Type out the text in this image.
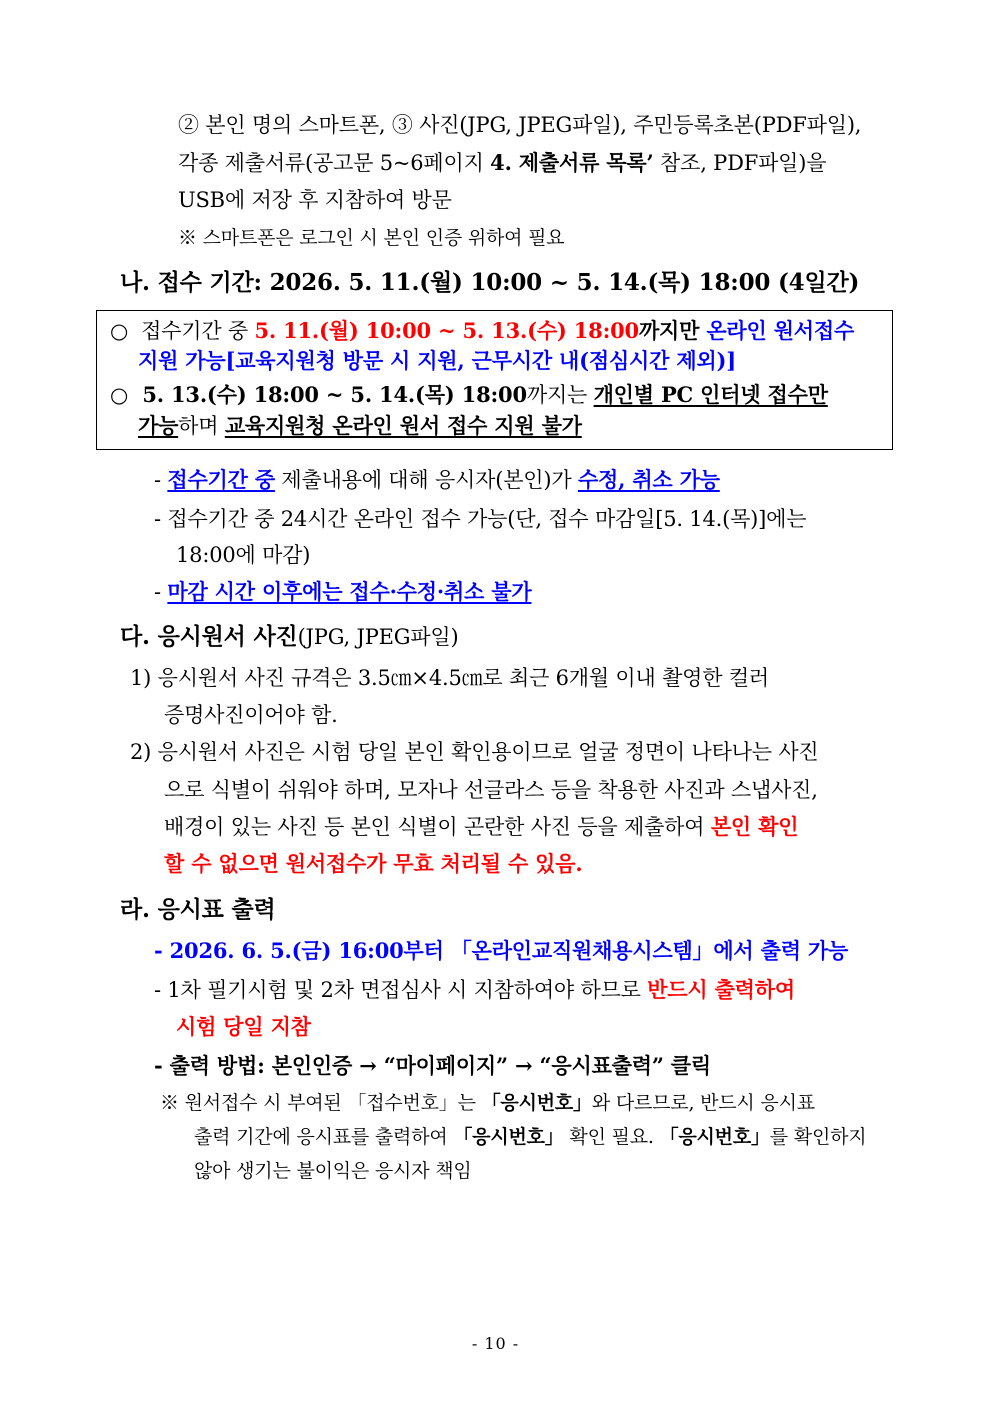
② 본인 명의 스마트폰, ③ 사진(JPG, JPEG파일), 주민등록초본(PDF파일),
각종 제출서류(공고문 5~6페이지 4. 제출서류 목록’ 참조, PDF파일)을
USB에 저장 후 지참하여 방문
※ 스마트폰은 로그인 시 본인 인증 위하여 필요
나. 접수 기간: 2026. 5. 11.(월) 10:00 ~ 5. 14.(목) 18:00 (4일간)
○ 접수기간 중 5. 11.(월) 10:00 ~ 5. 13.(수) 18:00까지만 온라인 원서접수
지원 가능[교육지원청 방문 시 지원, 근무시간 내(점심시간 제외)]
○ 5. 13.(수) 18:00 ~ 5. 14.(목) 18:00까지는 개인별 PC 인터넷 접수만
가능하며 교육지원청 온라인 원서 접수 지원 불가
- 접수기간 중 제출내용에 대해 응시자(본인)가 수정, 취소 가능
- 접수기간 중 24시간 온라인 접수 가능(단, 접수 마감일[5. 14.(목)]에는
18:00에 마감)
- 마감 시간 이후에는 접수·수정·취소 불가
다. 응시원서 사진(JPG, JPEG파일)
1) 응시원서 사진 규격은 3.5㎝×4.5㎝로 최근 6개월 이내 촬영한 컬러
증명사진이어야 함.
2) 응시원서 사진은 시험 당일 본인 확인용이므로 얼굴 정면이 나타나는 사진
으로 식별이 쉬워야 하며, 모자나 선글라스 등을 착용한 사진과 스냅사진,
배경이 있는 사진 등 본인 식별이 곤란한 사진 등을 제출하여 본인 확인
할 수 없으면 원서접수가 무효 처리될 수 있음.
라. 응시표 출력
- 2026. 6. 5.(금) 16:00부터 「온라인교직원채용시스템」에서 출력 가능
- 1차 필기시험 및 2차 면접심사 시 지참하여야 하므로 반드시 출력하여
시험 당일 지참
- 출력 방법: 본인인증 → “마이페이지” → “응시표출력” 클릭
※ 원서접수 시 부여된 「접수번호」는 「응시번호」와 다르므로, 반드시 응시표
출력 기간에 응시표를 출력하여 「응시번호」 확인 필요. 「응시번호」를 확인하지
않아 생기는 불이익은 응시자 책임
- 10 -
